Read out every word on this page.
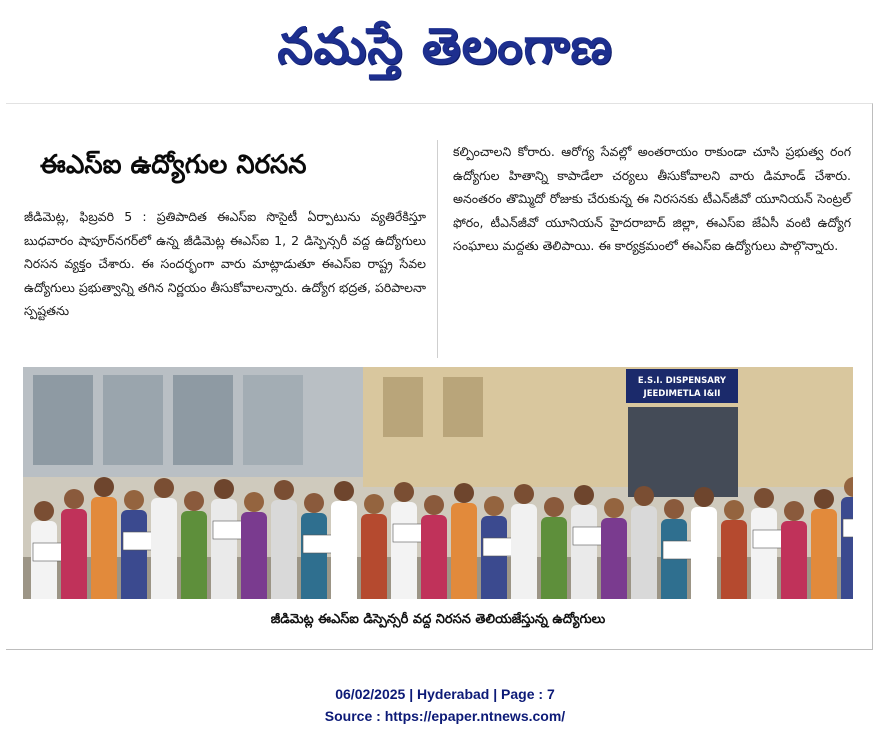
నమస్తే తెలంగాణ
ఈఎస్ఐ ఉద్యోగుల నిరసన
జీడిమెట్ల, ఫిబ్రవరి 5 : ప్రతిపాదిత ఈఎస్ఐ సొసైటీ ఏర్పాటును వ్యతిరేకిస్తూ బుధవారం షాపూర్‌నగర్‌లో ఉన్న జీడిమెట్ల ఈఎస్ఐ 1, 2 డిస్పెన్సరీ వద్ద ఉద్యోగులు నిరసన వ్యక్తం చేశారు. ఈ సందర్భంగా వారు మాట్లాడుతూ ఈఎస్ఐ రాష్ట్ర సేవల ఉద్యోగులు ప్రభుత్వాన్ని తగిన నిర్ణయం తీసుకోవాలన్నారు. ఉద్యోగ భద్రత, పరిపాలనా స్పష్టతను
కల్పించాలని కోరారు. ఆరోగ్య సేవల్లో అంతరాయం రాకుండా చూసి ప్రభుత్వ రంగ ఉద్యోగుల హితాన్ని కాపాడేలా చర్యలు తీసుకోవాలని వారు డిమాండ్ చేశారు. అనంతరం తొమ్మిదో రోజుకు చేరుకున్న ఈ నిరసనకు టీఎన్‌జీవో యూనియన్ సెంట్రల్ ఫోరం, టీఎన్‌జీవో యూనియన్ హైదరాబాద్ జిల్లా, ఈఎస్ఐ జేఏసీ వంటి ఉద్యోగ సంఘాలు మద్దతు తెలిపాయి. ఈ కార్యక్రమంలో ఈఎస్ఐ ఉద్యోగులు పాల్గొన్నారు.
E.S.I. DISPENSARY
JEEDIMETLA I&II
జీడిమెట్ల ఈఎస్ఐ డిస్పెన్సరీ వద్ద నిరసన తెలియజేస్తున్న ఉద్యోగులు
06/02/2025 | Hyderabad | Page : 7
Source : https://epaper.ntnews.com/
